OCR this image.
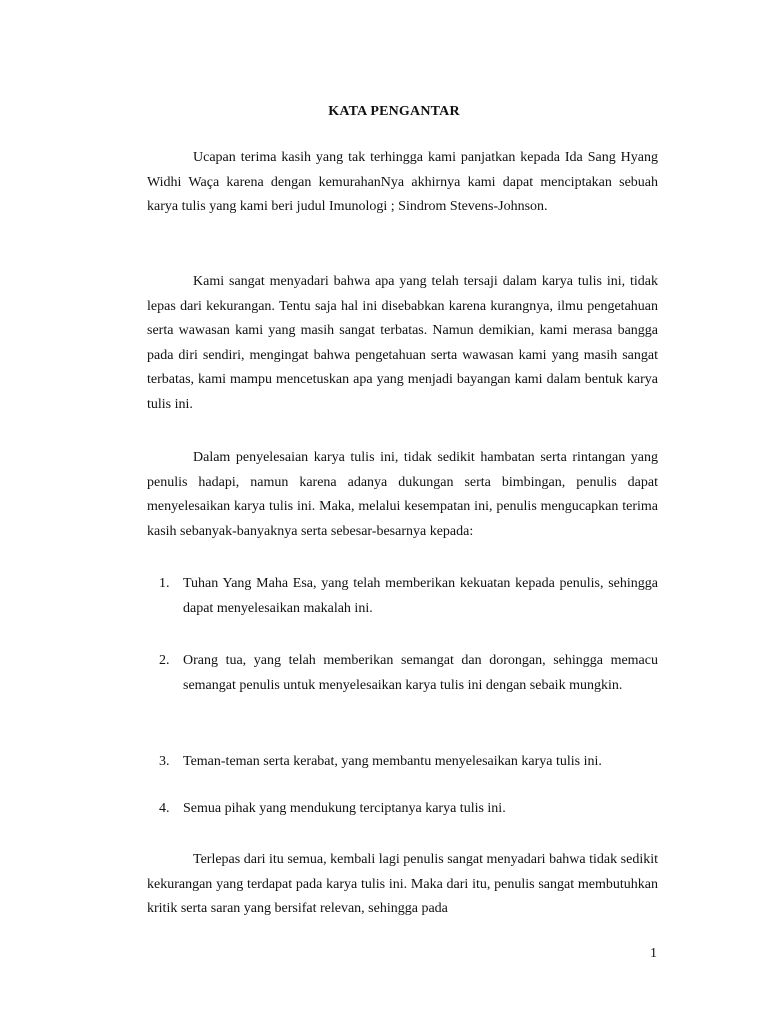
KATA PENGANTAR

Ucapan terima kasih yang tak terhingga kami panjatkan kepada Ida Sang Hyang Widhi Waҫa karena dengan kemurahanNya akhirnya kami dapat menciptakan sebuah karya tulis yang kami beri judul Imunologi ; Sindrom Stevens-Johnson.

Kami sangat menyadari bahwa apa yang telah tersaji dalam karya tulis ini, tidak lepas dari kekurangan. Tentu saja hal ini disebabkan karena kurangnya, ilmu pengetahuan serta wawasan kami yang masih sangat terbatas. Namun demikian, kami merasa bangga pada diri sendiri, mengingat bahwa pengetahuan serta wawasan kami yang masih sangat terbatas, kami mampu mencetuskan apa yang menjadi bayangan kami dalam bentuk karya tulis ini.

Dalam penyelesaian karya tulis ini, tidak sedikit hambatan serta rintangan yang penulis hadapi, namun karena adanya dukungan serta bimbingan, penulis dapat menyelesaikan karya tulis ini. Maka, melalui kesempatan ini, penulis mengucapkan terima kasih sebanyak-banyaknya serta sebesar-besarnya kepada:

1. Tuhan Yang Maha Esa, yang telah memberikan kekuatan kepada penulis, sehingga dapat menyelesaikan makalah ini.
2. Orang tua, yang telah memberikan semangat dan dorongan, sehingga memacu semangat penulis untuk menyelesaikan karya tulis ini dengan sebaik mungkin.
3. Teman-teman serta kerabat, yang membantu menyelesaikan karya tulis ini.
4. Semua pihak yang mendukung terciptanya karya tulis ini.

Terlepas dari itu semua, kembali lagi penulis sangat menyadari bahwa tidak sedikit kekurangan yang terdapat pada karya tulis ini. Maka dari itu, penulis sangat membutuhkan kritik serta saran yang bersifat relevan, sehingga pada

1
